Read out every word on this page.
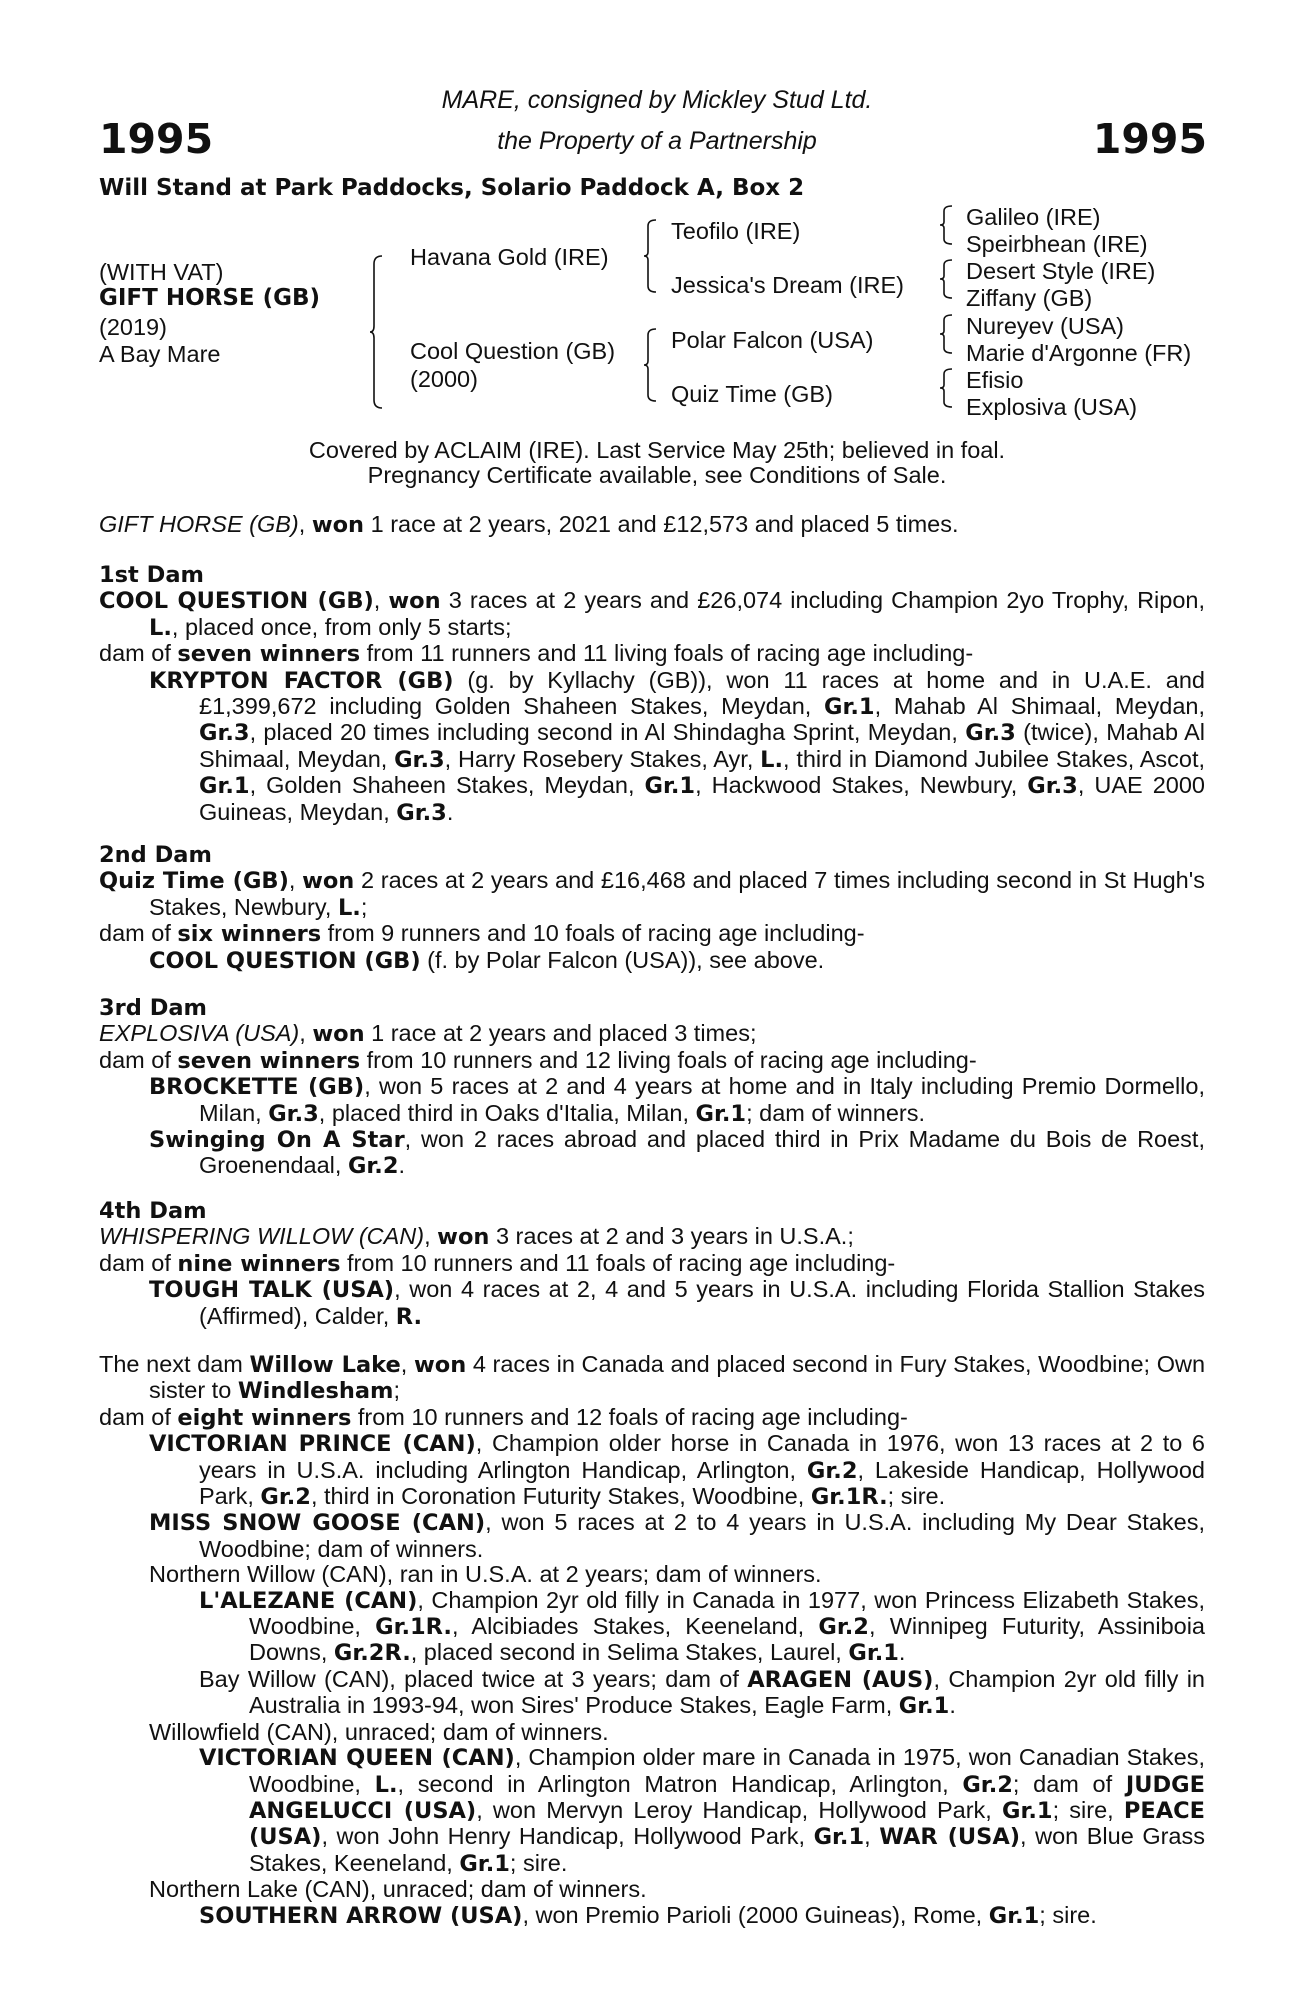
1995	1995
MARE, consigned by Mickley Stud Ltd.
the Property of a Partnership
Will Stand at Park Paddocks, Solario Paddock A, Box 2
(WITH VAT)
GIFT HORSE (GB)
(2019)
A Bay Mare
Havana Gold (IRE)
Cool Question (GB)
(2000)
Teofilo (IRE)
Jessica's Dream (IRE)
Polar Falcon (USA)
Quiz Time (GB)
Galileo (IRE)
Speirbhean (IRE)
Desert Style (IRE)
Ziffany (GB)
Nureyev (USA)
Marie d'Argonne (FR)
Efisio
Explosiva (USA)
Covered by ACLAIM (IRE). Last Service May 25th; believed in foal.
Pregnancy Certificate available, see Conditions of Sale.

GIFT HORSE (GB), won 1 race at 2 years, 2021 and £12,573 and placed 5 times.

1st Dam

COOL QUESTION (GB), won 3 races at 2 years and £26,074 including Champion 2yo Trophy, Ripon, L., placed once, from only 5 starts;

dam of seven winners from 11 runners and 11 living foals of racing age including-

KRYPTON FACTOR (GB) (g. by Kyllachy (GB)), won 11 races at home and in U.A.E. and £1,399,672 including Golden Shaheen Stakes, Meydan, Gr.1, Mahab Al Shimaal, Meydan, Gr.3, placed 20 times including second in Al Shindagha Sprint, Meydan, Gr.3 (twice), Mahab Al Shimaal, Meydan, Gr.3, Harry Rosebery Stakes, Ayr, L., third in Diamond Jubilee Stakes, Ascot, Gr.1, Golden Shaheen Stakes, Meydan, Gr.1, Hackwood Stakes, Newbury, Gr.3, UAE 2000 Guineas, Meydan, Gr.3.

2nd Dam

Quiz Time (GB), won 2 races at 2 years and £16,468 and placed 7 times including second in St Hugh's Stakes, Newbury, L.;

dam of six winners from 9 runners and 10 foals of racing age including-

COOL QUESTION (GB) (f. by Polar Falcon (USA)), see above.

3rd Dam

EXPLOSIVA (USA), won 1 race at 2 years and placed 3 times;

dam of seven winners from 10 runners and 12 living foals of racing age including-

BROCKETTE (GB), won 5 races at 2 and 4 years at home and in Italy including Premio Dormello, Milan, Gr.3, placed third in Oaks d'Italia, Milan, Gr.1; dam of winners.

Swinging On A Star, won 2 races abroad and placed third in Prix Madame du Bois de Roest, Groenendaal, Gr.2.

4th Dam

WHISPERING WILLOW (CAN), won 3 races at 2 and 3 years in U.S.A.;

dam of nine winners from 10 runners and 11 foals of racing age including-

TOUGH TALK (USA), won 4 races at 2, 4 and 5 years in U.S.A. including Florida Stallion Stakes (Affirmed), Calder, R.

The next dam Willow Lake, won 4 races in Canada and placed second in Fury Stakes, Woodbine; Own sister to Windlesham;

dam of eight winners from 10 runners and 12 foals of racing age including-

VICTORIAN PRINCE (CAN), Champion older horse in Canada in 1976, won 13 races at 2 to 6 years in U.S.A. including Arlington Handicap, Arlington, Gr.2, Lakeside Handicap, Hollywood Park, Gr.2, third in Coronation Futurity Stakes, Woodbine, Gr.1R.; sire.

MISS SNOW GOOSE (CAN), won 5 races at 2 to 4 years in U.S.A. including My Dear Stakes, Woodbine; dam of winners.

Northern Willow (CAN), ran in U.S.A. at 2 years; dam of winners.

L'ALEZANE (CAN), Champion 2yr old filly in Canada in 1977, won Princess Elizabeth Stakes, Woodbine, Gr.1R., Alcibiades Stakes, Keeneland, Gr.2, Winnipeg Futurity, Assiniboia Downs, Gr.2R., placed second in Selima Stakes, Laurel, Gr.1.

Bay Willow (CAN), placed twice at 3 years; dam of ARAGEN (AUS), Champion 2yr old filly in Australia in 1993-94, won Sires' Produce Stakes, Eagle Farm, Gr.1.

Willowfield (CAN), unraced; dam of winners.

VICTORIAN QUEEN (CAN), Champion older mare in Canada in 1975, won Canadian Stakes, Woodbine, L., second in Arlington Matron Handicap, Arlington, Gr.2; dam of JUDGE ANGELUCCI (USA), won Mervyn Leroy Handicap, Hollywood Park, Gr.1; sire, PEACE (USA), won John Henry Handicap, Hollywood Park, Gr.1, WAR (USA), won Blue Grass Stakes, Keeneland, Gr.1; sire.

Northern Lake (CAN), unraced; dam of winners.

SOUTHERN ARROW (USA), won Premio Parioli (2000 Guineas), Rome, Gr.1; sire.
